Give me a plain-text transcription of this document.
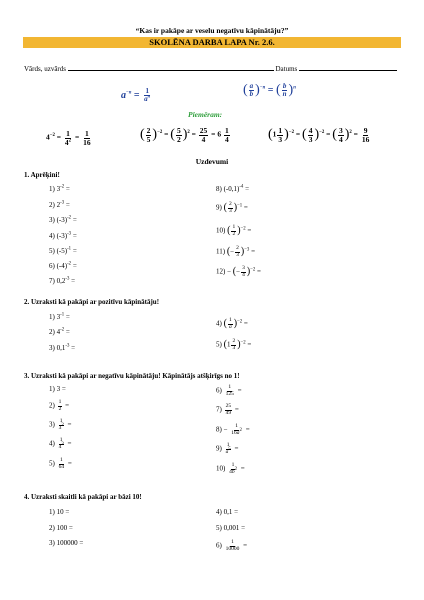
“Kas ir pakāpe ar veselu negatīvu kāpinātāju?”
SKOLĒNA DARBA LAPA Nr. 2.6.
Vārds, uzvārds	Datums
$a^{-n} = \frac{1}{a^n}$	( $\frac{a}{b} )^{-n}$ = ( $\frac{b}{n} )^n$
Piemēram:
$4^{-2} = \frac{1}{4^2} = \frac{1}{16}$	( $\frac{2}{5} )^{-2}$ = ( $\frac{5}{2} )^2 = \frac{25}{4} = 6 \frac{1}{4}$	$(1 \frac{1}{3} )^{-2}$ = ( $\frac{4}{3} )^{-2}$ = ( $\frac{3}{4} )^2 = \frac{9}{16}$
Uzdevumi
1. Aprēķini!
1) $3^{-2}$ =
2) $2^{-3}$ =
3) $(-3)^{-2}$ =
4) $(-3)^{-3}$ =
5) $(-5)^{-1}$ =
6) $(-4)^{-2}$ =
7) $0,2^{-3}$ =
8) $(-0,1)^{-4}$ =
9) ( $\frac{2}{3} )^{-1}$ =
10) ( $\frac{1}{2} )^{-2}$ =
11) (− $\frac{2}{3} )^{-3}$ =
12) − (− $\frac{3}{4} )^{-2}$ =
2. Uzraksti kā pakāpi ar pozitīvu kāpinātāju!
1) $3^{-1}$ =
2) $4^{-2}$ =
3) $0,1^{-3}$ =
4) ( $\frac{1}{a} )^{-2}$ =
5) $(1 \frac{2}{3} )^{-2}$ =
3. Uzraksti kā pakāpi ar negatīvu kāpinātāju! Kāpinātājs atšķirīgs no 1!
1) 3 =
$2) \frac{1}{2}$ =
$3) \frac{1}{3^2}$ =
$4) \frac{1}{4^3}$ =
$5) \frac{1}{64}$ =
$6) \frac{1}{125}$ =
$7) \frac{25}{49}$ =
$8) - \frac{1}{16a^2}$ =
$9) \frac{1}{a^5}$ =
$10) \frac{1}{4b^2}$ =
4. Uzraksti skaitli kā pakāpi ar bāzi 10!
1) 10 =
2) 100 =
3) 100000 =
4) 0,1 =
5) 0,001 =
$6) \frac{1}{10000}$ =
